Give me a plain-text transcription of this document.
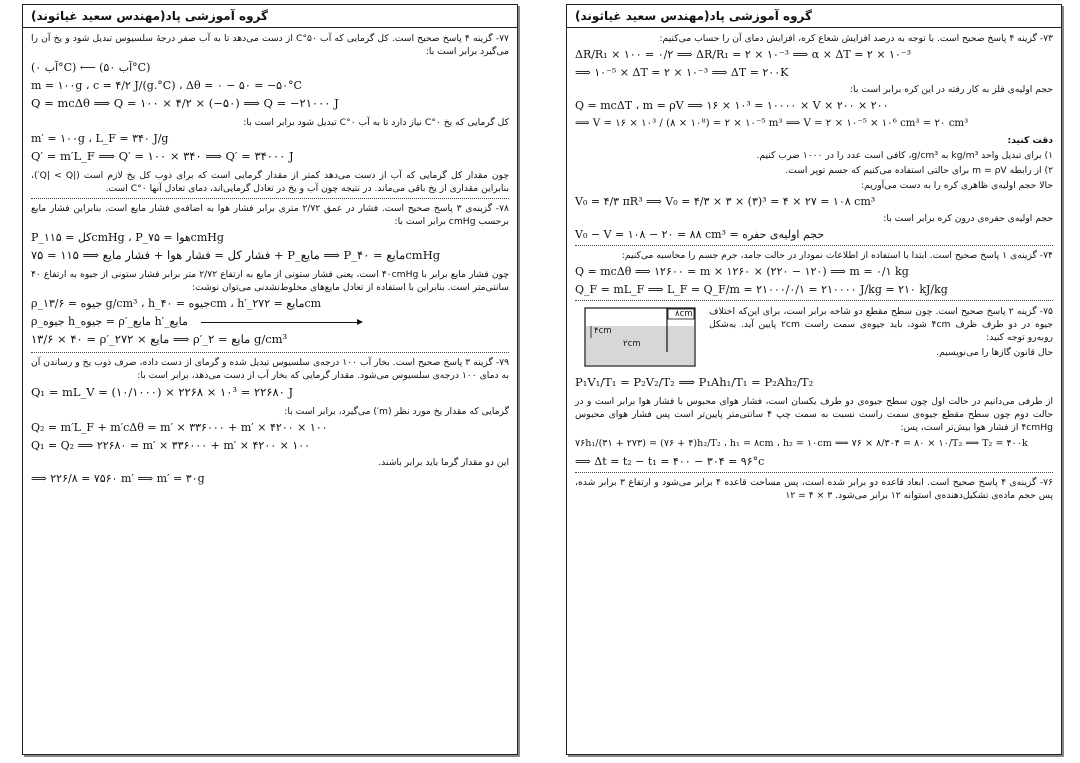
گروه آموزشی پاد(مهندس سعید غیاثوند)
۷۷- گزینه ۴ پاسخ صحیح است. کل گرمایی که آب ۵۰°C از دست می‌دهد تا به آب صفر درجهٔ سلسیوس تبدیل شود و یخ آن را می‌گیرد برابر است با:
(آب ۰°C) ⟵ (آب ۵۰°C)
m = ۱۰۰g ، c = ۴/۲ J/(g.°C) ، Δθ = ۰ − ۵۰ = −۵۰°C
Q = mcΔθ ⟹ Q = ۱۰۰ × ۴/۲ × (−۵۰) ⟹ Q = −۲۱۰۰۰ J
کل گرمایی که یخ ۰°C نیاز دارد تا به آب ۰°C تبدیل شود برابر است با:
m′ = ۱۰۰g ، L_F = ۳۴۰ J/g
Q′ = m′L_F ⟹ Q′ = ۱۰۰ × ۳۴۰ ⟹ Q′ = ۳۴۰۰۰ J
چون مقدار کل گرمایی که آب از دست می‌دهد کمتر از مقدار گرمایی است که برای ذوب کل یخ لازم است (|Q| < Q′)، بنابراین مقداری از یخ باقی می‌ماند. در نتیجه چون آب و یخ در تعادل گرمایی‌اند، دمای تعادل آنها ۰°C است.
۷۸- گزینه‌ی ۳ پاسخ صحیح است. فشار در عمق ۲/۷۲ متری برابر فشار هوا به اضافه‌ی فشار مایع است. بنابراین فشار مایع برحسب cmHg برابر است با:
P_کل = ۱۱۵cmHg ، P_هوا = ۷۵cmHg
فشار کل = فشار هوا + فشار مایع ⟹ ۱۱۵ = ۷۵ + P_مایع ⟹ P_مایع = ۴۰cmHg
چون فشار مایع برابر با ۴۰cmHg است، یعنی فشار ستونی از مایع به ارتفاع ۲/۷۲ متر برابر فشار ستونی از جیوه به ارتفاع ۴۰ سانتی‌متر است. بنابراین با استفاده از تعادل مایع‌های مخلوط‌نشدنی می‌توان نوشت:
ρ_جیوه = ۱۳/۶ g/cm³ ، h_جیوه = ۴۰cm ، h′_مایع = ۲۷۲cm
ρ_جیوه h_جیوه = ρ′_مایع h′_مایع
۱۳/۶ × ۴۰ = ρ′_مایع × ۲۷۲ ⟹ ρ′_مایع = ۲ g/cm³
۷۹- گزینه ۳ پاسخ صحیح است. بخار آب ۱۰۰ درجه‌ی سلسیوس تبدیل شده و گرمای از دست داده، صرف ذوب یخ و رساندن آن به دمای ۱۰۰ درجه‌ی سلسیوس می‌شود. مقدار گرمایی که بخار آب از دست می‌دهد، برابر است با:
Q₁ = mL_V = (۱۰/۱۰۰۰) × ۲۲۶۸ × ۱۰³ = ۲۲۶۸۰ J
گرمایی که مقدار یخ مورد نظر (m′) می‌گیرد، برابر است با:
Q₂ = m′L_F + m′cΔθ = m′ × ۳۳۶۰۰۰ + m′ × ۴۲۰۰ × ۱۰۰
Q₁ = Q₂ ⟹ ۲۲۶۸۰ = m′ × ۳۳۶۰۰۰ + m′ × ۴۲۰۰ × ۱۰۰
این دو مقدار گرما باید برابر باشند.
⟹ ۲۲۶/۸ = ۷۵۶۰ m′ ⟹ m′ = ۳۰g
گروه آموزشی پاد(مهندس سعید غیاثوند)
۷۳- گزینه ۴ پاسخ صحیح است. با توجه به درصد افزایش شعاع کره، افزایش دمای آن را حساب می‌کنیم:
ΔR/R₁ × ۱۰۰ = ۰/۲ ⟹ ΔR/R₁ = ۲ × ۱۰⁻³ ⟹ α × ΔT = ۲ × ۱۰⁻³
⟹ ۱۰⁻⁵ × ΔT = ۲ × ۱۰⁻³ ⟹ ΔT = ۲۰۰K
حجم اولیه‌ی فلز به کار رفته در این کره برابر است با:
Q = mcΔT ، m = ρV ⟹ ۱۶ × ۱۰³ = ۱۰۰۰۰ × V × ۲۰۰ × ۲۰۰
⟹ V = ۱۶ × ۱۰³ / (۸ × ۱۰⁸) = ۲ × ۱۰⁻⁵ m³ ⟹ V = ۲ × ۱۰⁻⁵ × ۱۰⁶ cm³ = ۲۰ cm³
دقت کنید:
۱) برای تبدیل واحد kg/m³ به g/cm³، کافی است عدد را در ۱۰۰۰ ضرب کنیم.
۲) از رابطه m = ρV برای حالتی استفاده می‌کنیم که جسم توپر است.
حالا حجم اولیه‌ی ظاهری کره را به دست می‌آوریم:
V₀ = ۴/۳ πR³ ⟹ V₀ = ۴/۳ × ۳ × (۳)³ = ۴ × ۲۷ = ۱۰۸ cm³
حجم اولیه‌ی حفره‌ی درون کره برابر است با:
V₀ − V = ۱۰۸ − ۲۰ = ۸۸ cm³ = حجم اولیه‌ی حفره
۷۴- گزینه‌ی ۱ پاسخ صحیح است. ابتدا با استفاده از اطلاعات نمودار در حالت جامد، جرم جسم را محاسبه می‌کنیم:
Q = mcΔθ ⟹ ۱۲۶۰۰ = m × ۱۲۶۰ × (۲۲۰ − ۱۲۰) ⟹ m = ۰/۱ kg
Q_F = mL_F ⟹ L_F = Q_F/m = ۲۱۰۰۰/۰/۱ = ۲۱۰۰۰۰ J/kg = ۲۱۰ kJ/kg
۷۵- گزینه ۲ پاسخ صحیح است. چون سطح مقطع دو شاخه برابر است، برای این‌که اختلاف جیوه در دو طرف ظرف ۴cm شود، باید جیوه‌ی سمت راست ۲cm پایین آید. به‌شکل روبه‌رو توجه کنید:
حال قانون گازها را می‌نویسیم.
۴cm
۲cm
۸cm
P₁V₁/T₁ = P₂V₂/T₂ ⟹ P₁Ah₁/T₁ = P₂Ah₂/T₂
از طرفی می‌دانیم در حالت اول چون سطح جیوه‌ی دو طرف یکسان است، فشار هوای محبوس با فشار هوا برابر است و در حالت دوم چون سطح مقطع جیوه‌ی سمت راست نسبت به سمت چپ ۴ سانتی‌متر پایین‌تر است پس فشار هوای محبوس ۴cmHg از فشار هوا بیش‌تر است، پس:
۷۶h₁/(۳۱ + ۲۷۳) = (۷۶ + ۴)h₂/T₂ ، h₁ = ۸cm ، h₂ = ۱۰cm ⟹ ۷۶ × ۸/۳۰۴ = ۸۰ × ۱۰/T₂ ⟹ T₂ = ۴۰۰k
⟹ Δt = t₂ − t₁ = ۴۰۰ − ۳۰۴ = ۹۶°c
۷۶- گزینه‌ی ۴ پاسخ صحیح است. ابعاد قاعده دو برابر شده است، پس مساحت قاعده ۴ برابر می‌شود و ارتفاع ۳ برابر شده، پس حجم ماده‌ی تشکیل‌دهنده‌ی استوانه ۱۲ برابر می‌شود. ۳ × ۴ = ۱۲
